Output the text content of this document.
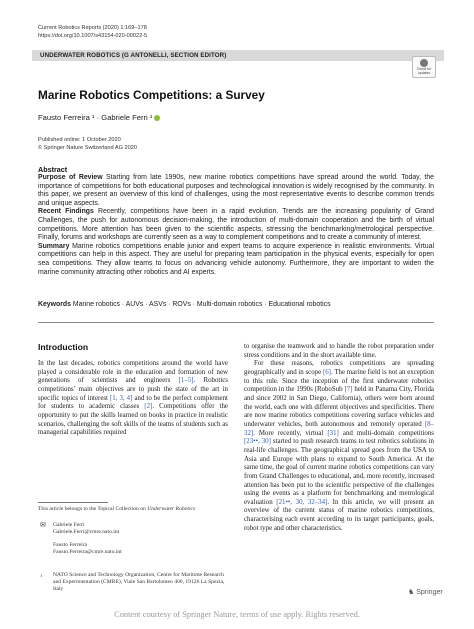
Current Robotics Reports (2020) 1:169–178
https://doi.org/10.1007/s43154-020-00022-5
UNDERWATER ROBOTICS (G ANTONELLI, SECTION EDITOR)
Check for
updates
Marine Robotics Competitions: a Survey
Fausto Ferreira ¹ · Gabriele Ferri ¹
Published online: 1 October 2020
© Springer Nature Switzerland AG 2020
Abstract

Purpose of Review Starting from late 1990s, new marine robotics competitions have spread around the world. Today, the importance of competitions for both educational purposes and technological innovation is widely recognised by the community. In this paper, we present an overview of this kind of challenges, using the most representative events to describe common trends and unique aspects.

Recent Findings Recently, competitions have been in a rapid evolution. Trends are the increasing popularity of Grand Challenges, the push for autonomous decision-making, the introduction of multi-domain cooperation and the birth of virtual competitions. More attention has been given to the scientific aspects, stressing the benchmarking/metrological perspective. Finally, forums and workshops are currently seen as a way to complement competitions and to create a community of interest.

Summary Marine robotics competitions enable junior and expert teams to acquire experience in realistic environments. Virtual competitions can help in this aspect. They are useful for preparing team participation in the physical events, especially for open sea competitions. They allow teams to focus on advancing vehicle autonomy. Furthermore, they are important to widen the marine community attracting other robotics and AI experts.

Keywords Marine robotics · AUVs · ASVs · ROVs · Multi-domain robotics · Educational robotics
Introduction

In the last decades, robotics competitions around the world have played a considerable role in the education and formation of new generations of scientists and engineers [1–5]. Robotics competitions’ main objectives are to push the state of the art in specific topics of interest [1, 3, 4] and to be the perfect complement for students to academic classes [2]. Competitions offer the opportunity to put the skills learned on books in practice in realistic scenarios, challenging the soft skills of the teams of students such as managerial capabilities required

This article belongs to the Topical Collection on Underwater Robotics
✉ Gabriele Ferri
Gabriele.Ferri@cmre.nato.int
Fausto Ferreira
Fausto.Ferreira@cmre.nato.int
1	NATO Science and Technology Organization, Centre for Maritime Research and Experimentation (CMRE), Viale San Bartolomeo 400, 19126 La Spezia, Italy

to organise the teamwork and to handle the robot preparation under stress conditions and in the short available time.

For these reasons, robotics competitions are spreading geographically and in scope [6]. The marine field is not an exception to this rule. Since the inception of the first underwater robotics competition in the 1990s (RoboSub [7] held in Panama City, Florida and since 2002 in San Diego, California), others were born around the world, each one with different objectives and specificities. There are now marine robotics competitions covering surface vehicles and underwater vehicles, both autonomous and remotely operated [8–32]. More recently, virtual [31] and multi-domain competitions [23••, 30] started to push research teams to test robotics solutions in real-life challenges. The geographical spread goes from the USA to Asia and Europe with plans to expand to South America. At the same time, the goal of current marine robotics competitions can vary from Grand Challenges to educational, and, more recently, increased attention has been put to the scientific perspective of the challenges using the events as a platform for benchmarking and metrological evaluation [21••, 30, 32–34]. In this article, we will present an overview of the current status of marine robotics competitions, characterising each event according to its target participants, goals, robot type and other characteristics.

♞ Springer
Content courtesy of Springer Nature, terms of use apply. Rights reserved.
